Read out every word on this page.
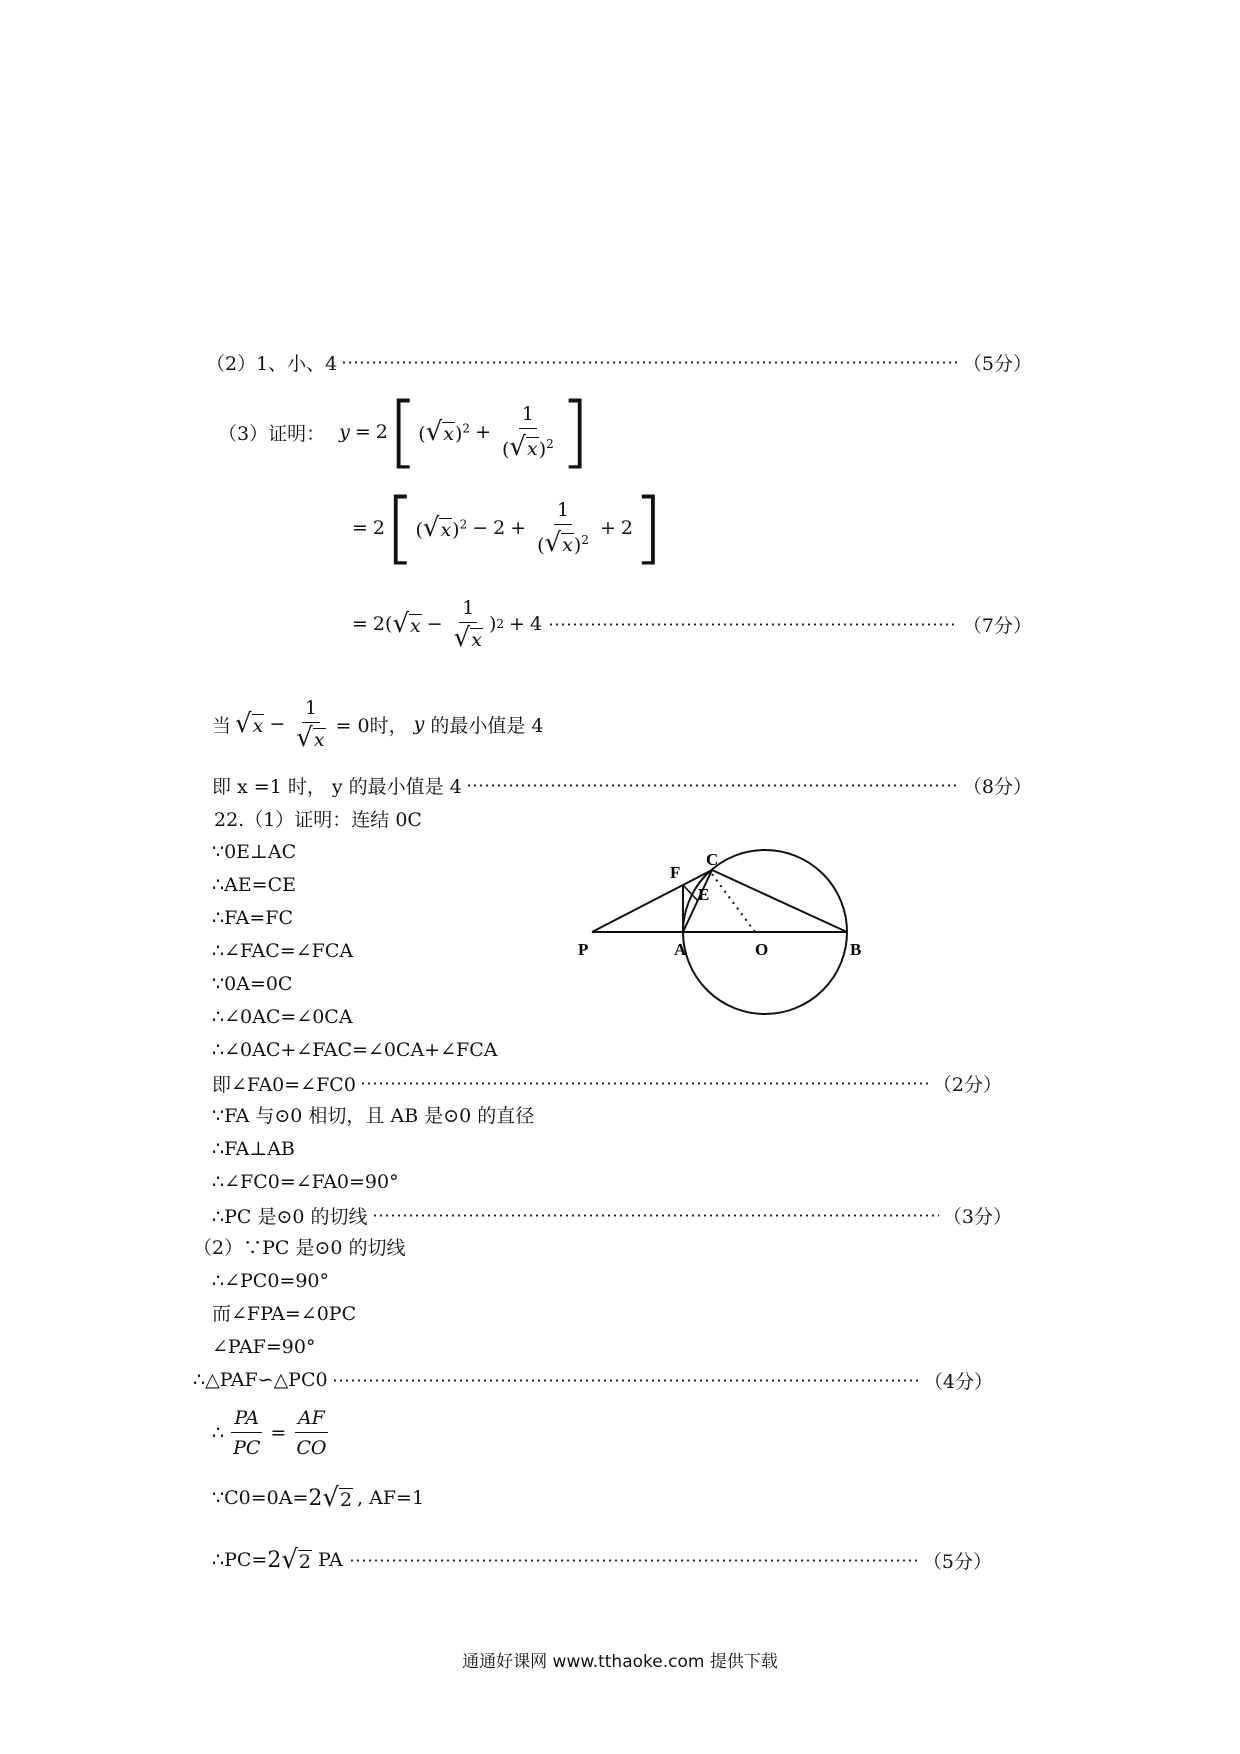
（2）1、小、4	（5分）
（3）证明： y = 2 [ $(√x)^2 + \frac{1}{(√x)^2}$ ]
= 2 [ $(√x)^2 - 2 + \frac{1}{(√x)^2} + 2$ ]
= 2 ( $√x - \frac{1}{√x}$ ) 2 + 4	（7分）
当 $√x - \frac{1}{√x} = 0$时， y 的最小值是 4
即 x =1 时， y 的最小值是 4	（8分）
22.（1）证明：连结 0C
∵0E⊥AC
∴AE=CE
∴FA=FC
∴∠FAC=∠FCA
∵0A=0C
∴∠0AC=∠0CA
∴∠0AC+∠FAC=∠0CA+∠FCA
即∠FA0=∠FC0	（2分）
∵FA 与⊙0 相切，且 AB 是⊙0 的直径
∴FA⊥AB
∴∠FC0=∠FA0=90°
∴PC 是⊙0 的切线	（3分）
（2）∵PC 是⊙0 的切线
∴∠PC0=90°
而∠FPA=∠0PC
∠PAF=90°
∴△PAF∽△PC0	（4分）
∴ $\frac{PA}{PC} = \frac{AF}{CO}$
∵C0=0A= 2 √2 , AF=1
∴PC= 2 √2 PA	（5分）
P	A	O	B
C
F
E
通通好课网 www.tthaoke.com 提供下载
